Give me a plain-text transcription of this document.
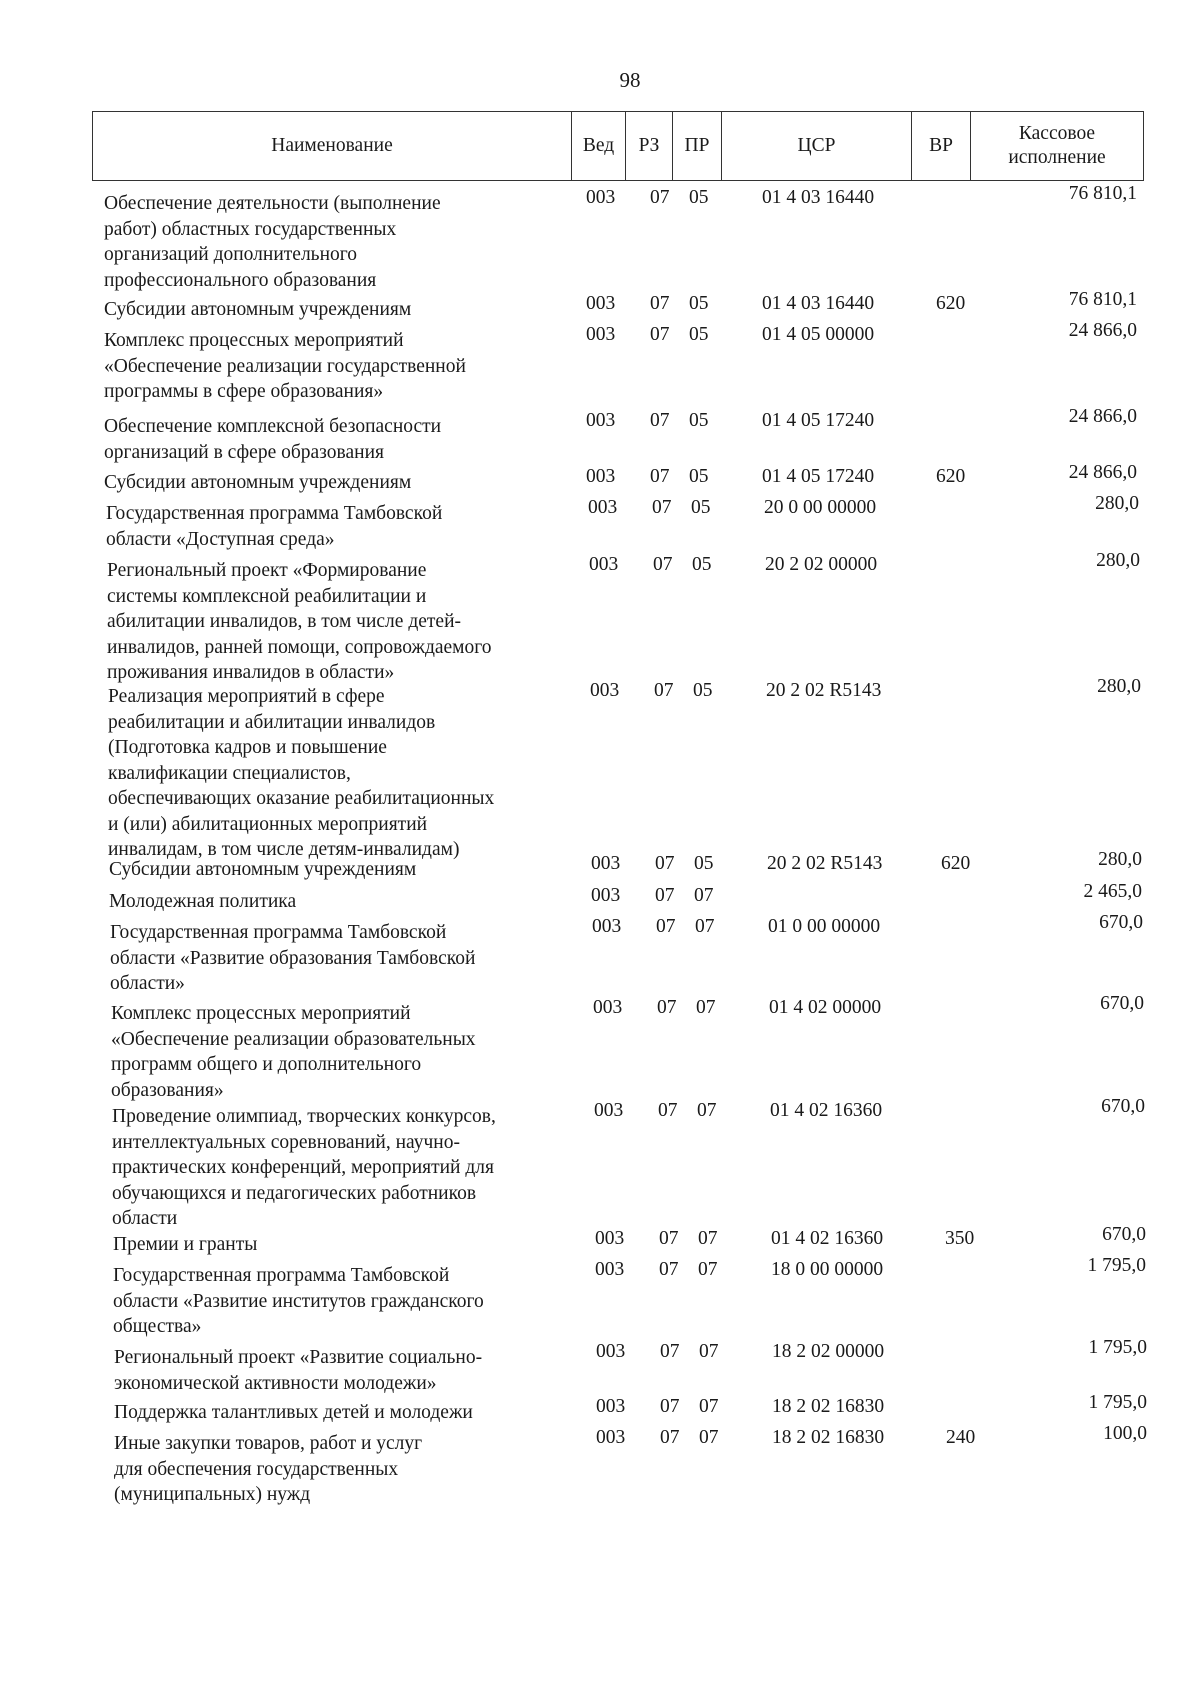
98
Наименование	Вед	РЗ	ПР	ЦСР	ВР	Кассовое исполнение
Обеспечение деятельности (выполнение
работ) областных государственных
организаций дополнительного
профессионального образования
003 07 05	01 4 03 16440	76 810,1
Субсидии автономным учреждениям	003 07 05	01 4 03 16440	620	76 810,1
Комплекс процессных мероприятий
«Обеспечение реализации государственной
программы в сфере образования»
003 07 05	01 4 05 00000	24 866,0
Обеспечение комплексной безопасности
организаций в сфере образования
003 07 05	01 4 05 17240	24 866,0
Субсидии автономным учреждениям	003 07 05	01 4 05 17240	620	24 866,0
Государственная программа Тамбовской
области «Доступная среда»
003 07 05	20 0 00 00000	280,0
Региональный проект «Формирование
системы комплексной реабилитации и
абилитации инвалидов, в том числе детей-
инвалидов, ранней помощи, сопровождаемого
проживания инвалидов в области»
003 07 05	20 2 02 00000	280,0
Реализация мероприятий в сфере
реабилитации и абилитации инвалидов
(Подготовка кадров и повышение
квалификации специалистов,
обеспечивающих оказание реабилитационных
и (или) абилитационных мероприятий
инвалидам, в том числе детям-инвалидам)
003 07 05	20 2 02 R5143	280,0
Субсидии автономным учреждениям	003 07 05	20 2 02 R5143	620	280,0
Молодежная политика	003 07 07	2 465,0
Государственная программа Тамбовской
области «Развитие образования Тамбовской
области»
003 07 07	01 0 00 00000	670,0
Комплекс процессных мероприятий
«Обеспечение реализации образовательных
программ общего и дополнительного
образования»
003 07 07	01 4 02 00000	670,0
Проведение олимпиад, творческих конкурсов,
интеллектуальных соревнований, научно-
практических конференций, мероприятий для
обучающихся и педагогических работников
области
003 07 07	01 4 02 16360	670,0
Премии и гранты	003 07 07	01 4 02 16360	350	670,0
Государственная программа Тамбовской
области «Развитие институтов гражданского
общества»
003 07 07	18 0 00 00000	1 795,0
Региональный проект «Развитие социально-
экономической активности молодежи»
003 07 07	18 2 02 00000	1 795,0
Поддержка талантливых детей и молодежи	003 07 07	18 2 02 16830	1 795,0
Иные закупки товаров, работ и услуг
для обеспечения государственных
(муниципальных) нужд
003 07 07	18 2 02 16830	240	100,0
